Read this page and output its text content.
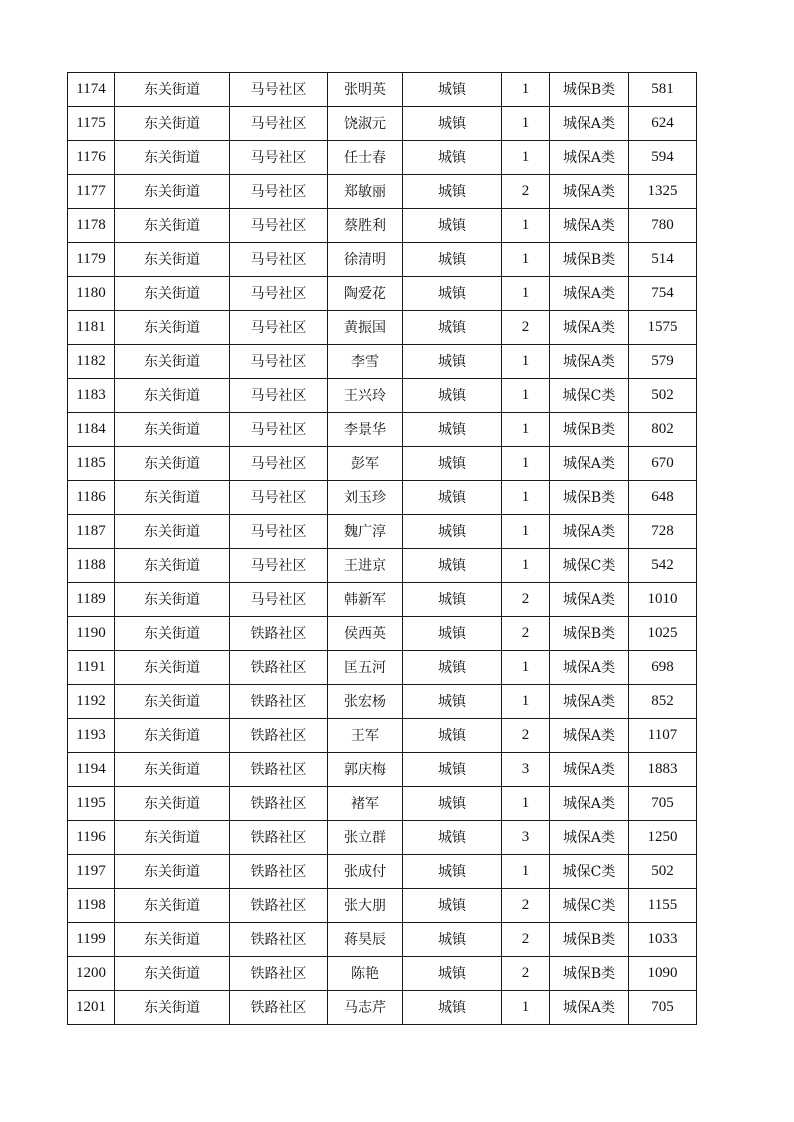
1174	东关街道	马号社区	张明英	城镇	1	城保B类	581
1175	东关街道	马号社区	饶淑元	城镇	1	城保A类	624
1176	东关街道	马号社区	任士春	城镇	1	城保A类	594
1177	东关街道	马号社区	郑敏丽	城镇	2	城保A类	1325
1178	东关街道	马号社区	蔡胜利	城镇	1	城保A类	780
1179	东关街道	马号社区	徐清明	城镇	1	城保B类	514
1180	东关街道	马号社区	陶爱花	城镇	1	城保A类	754
1181	东关街道	马号社区	黄振国	城镇	2	城保A类	1575
1182	东关街道	马号社区	李雪	城镇	1	城保A类	579
1183	东关街道	马号社区	王兴玲	城镇	1	城保C类	502
1184	东关街道	马号社区	李景华	城镇	1	城保B类	802
1185	东关街道	马号社区	彭军	城镇	1	城保A类	670
1186	东关街道	马号社区	刘玉珍	城镇	1	城保B类	648
1187	东关街道	马号社区	魏广淳	城镇	1	城保A类	728
1188	东关街道	马号社区	王进京	城镇	1	城保C类	542
1189	东关街道	马号社区	韩新军	城镇	2	城保A类	1010
1190	东关街道	铁路社区	侯西英	城镇	2	城保B类	1025
1191	东关街道	铁路社区	匡五河	城镇	1	城保A类	698
1192	东关街道	铁路社区	张宏杨	城镇	1	城保A类	852
1193	东关街道	铁路社区	王军	城镇	2	城保A类	1107
1194	东关街道	铁路社区	郭庆梅	城镇	3	城保A类	1883
1195	东关街道	铁路社区	褚军	城镇	1	城保A类	705
1196	东关街道	铁路社区	张立群	城镇	3	城保A类	1250
1197	东关街道	铁路社区	张成付	城镇	1	城保C类	502
1198	东关街道	铁路社区	张大朋	城镇	2	城保C类	1155
1199	东关街道	铁路社区	蒋昊辰	城镇	2	城保B类	1033
1200	东关街道	铁路社区	陈艳	城镇	2	城保B类	1090
1201	东关街道	铁路社区	马志芹	城镇	1	城保A类	705
